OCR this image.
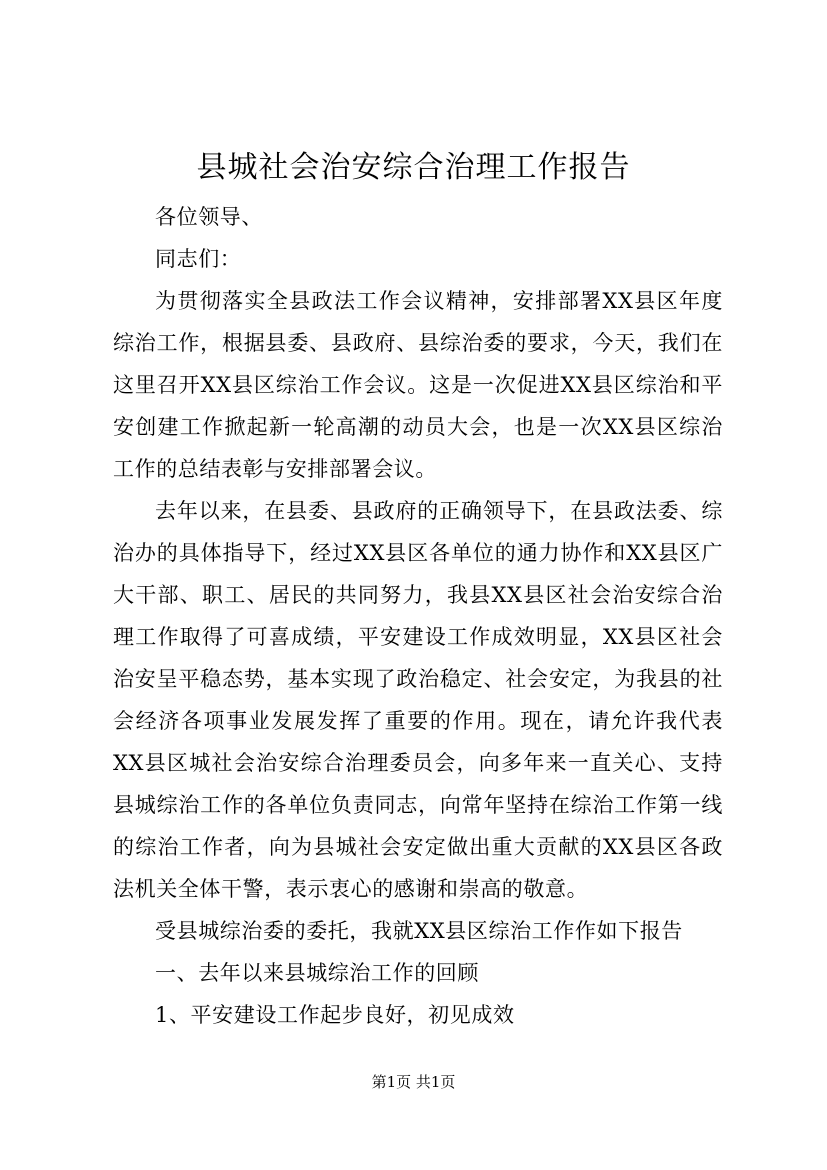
县城社会治安综合治理工作报告

各位领导、

同志们：

为贯彻落实全县政法工作会议精神，安排部署XX县区年度综治工作，根据县委、县政府、县综治委的要求，今天，我们在这里召开XX县区综治工作会议。这是一次促进XX县区综治和平安创建工作掀起新一轮高潮的动员大会，也是一次XX县区综治工作的总结表彰与安排部署会议。

去年以来，在县委、县政府的正确领导下，在县政法委、综治办的具体指导下，经过XX县区各单位的通力协作和XX县区广大干部、职工、居民的共同努力，我县XX县区社会治安综合治理工作取得了可喜成绩，平安建设工作成效明显，XX县区社会治安呈平稳态势，基本实现了政治稳定、社会安定，为我县的社会经济各项事业发展发挥了重要的作用。现在，请允许我代表XX县区城社会治安综合治理委员会，向多年来一直关心、支持县城综治工作的各单位负责同志，向常年坚持在综治工作第一线的综治工作者，向为县城社会安定做出重大贡献的XX县区各政法机关全体干警，表示衷心的感谢和崇高的敬意。

受县城综治委的委托，我就XX县区综治工作作如下报告

一、去年以来县城综治工作的回顾

1、平安建设工作起步良好，初见成效

第1页 共1页
